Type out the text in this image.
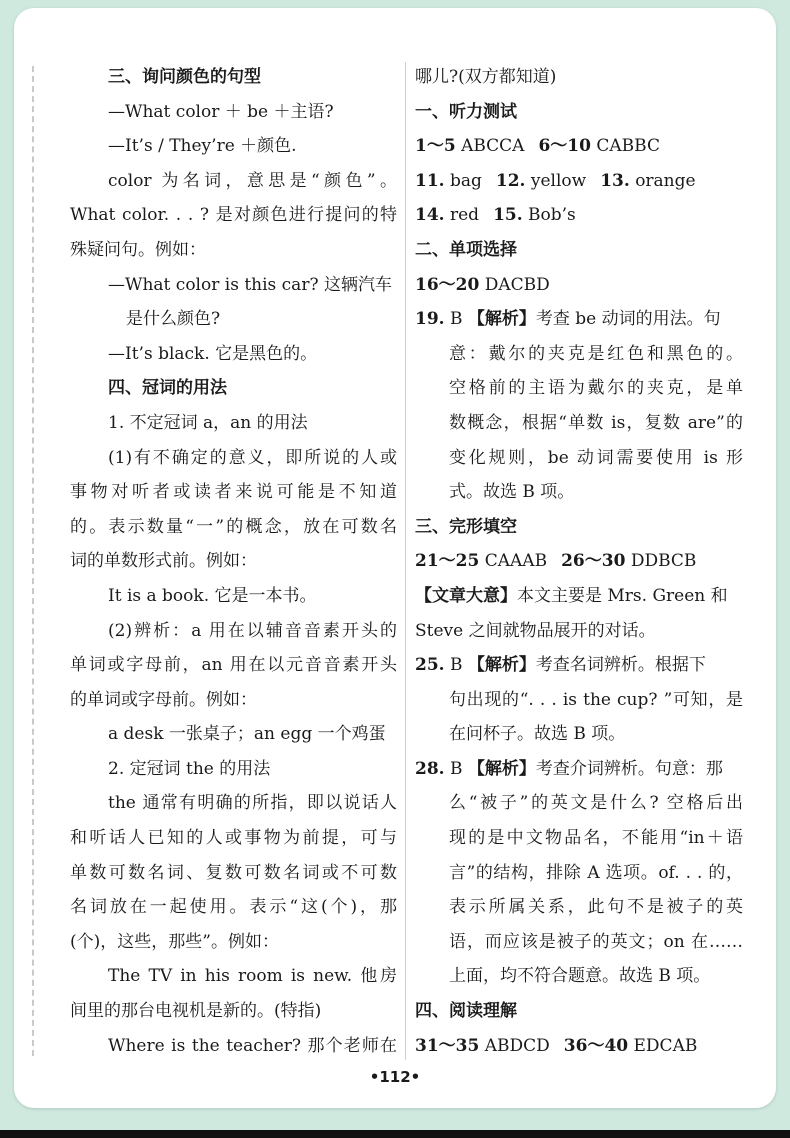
三、询问颜色的句型
—What color ＋ be ＋主语?
—It’s / They’re ＋颜色.
color 为名词，意思是“颜色”。
What color. . . ? 是对颜色进行提问的特
殊疑问句。例如：
—What color is this car? 这辆汽车
是什么颜色?
—It’s black. 它是黑色的。
四、冠词的用法
1. 不定冠词 a，an 的用法
(1)有不确定的意义，即所说的人或
事物对听者或读者来说可能是不知道
的。表示数量“一”的概念，放在可数名
词的单数形式前。例如：
It is a book. 它是一本书。
(2)辨析：a 用在以辅音音素开头的
单词或字母前，an 用在以元音音素开头
的单词或字母前。例如：
a desk 一张桌子；an egg 一个鸡蛋
2. 定冠词 the 的用法
the 通常有明确的所指，即以说话人
和听话人已知的人或事物为前提，可与
单数可数名词、复数可数名词或不可数
名词放在一起使用。表示“这(个)，那
(个)，这些，那些”。例如：
The TV in his room is new. 他房
间里的那台电视机是新的。(特指)
Where is the teacher? 那个老师在
哪儿?(双方都知道)
一、听力测试
1～5 ABCCA 6～10 CABBC
11. bag 12. yellow 13. orange
14. red 15. Bob’s
二、单项选择
16～20 DACBD
19. B 【解析】考查 be 动词的用法。句
意：戴尔的夹克是红色和黑色的。
空格前的主语为戴尔的夹克，是单
数概念，根据“单数 is，复数 are”的
变化规则，be 动词需要使用 is 形
式。故选 B 项。
三、完形填空
21～25 CAAAB 26～30 DDBCB
【文章大意】本文主要是 Mrs. Green 和
Steve 之间就物品展开的对话。
25. B 【解析】考查名词辨析。根据下
句出现的“. . . is the cup? ”可知，是
在问杯子。故选 B 项。
28. B 【解析】考查介词辨析。句意：那
么“被子”的英文是什么? 空格后出
现的是中文物品名，不能用“in＋语
言”的结构，排除 A 选项。of. . . 的，
表示所属关系，此句不是被子的英
语，而应该是被子的英文；on 在……
上面，均不符合题意。故选 B 项。
四、阅读理解
31～35 ABDCD 36～40 EDCAB
•112•
